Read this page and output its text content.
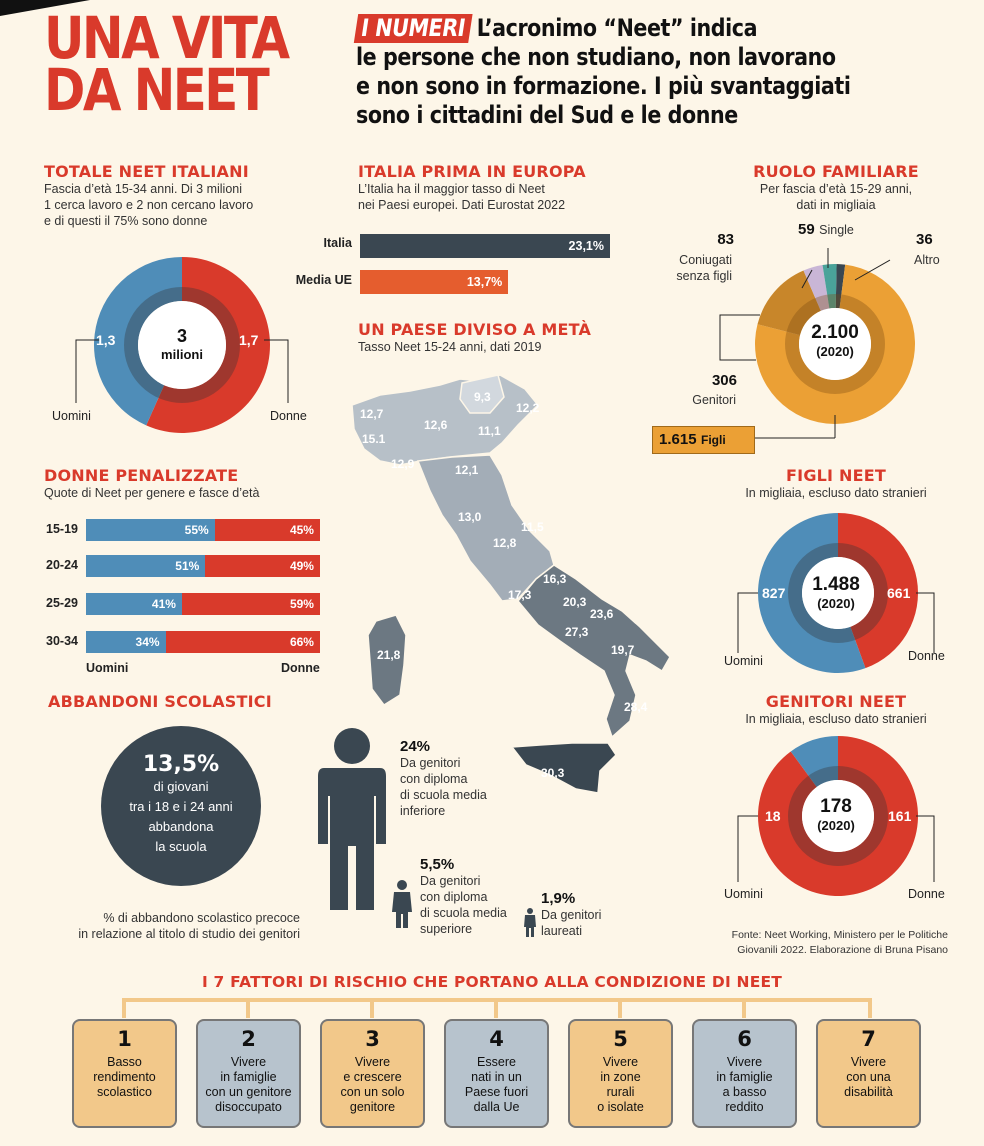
UNA VITA
DA NEET
I NUMERI L’acronimo “Neet” indica
le persone che non studiano, non lavorano
e non sono in formazione. I più svantaggiati
sono i cittadini del Sud e le donne
TOTALE NEET ITALIANI
Fascia d’età 15-34 anni. Di 3 milioni
1 cerca lavoro e 2 non cercano lavoro
e di questi il 75% sono donne
1,3	1,7
3
milioni
Uomini	Donne
ITALIA PRIMA IN EUROPA
L’Italia ha il maggior tasso di Neet
nei Paesi europei. Dati Eurostat 2022
Italia	23,1%
Media UE	13,7%
RUOLO FAMILIARE
Per fascia d’età 15-29 anni,
dati in migliaia
83
Coniugati
senza figli
59 Single
36
Altro
306
Genitori
2.100
(2020)
1.615 Figli
UN PAESE DIVISO A METÀ
Tasso Neet 15-24 anni, dati 2019
9,3
12,2
12,7
12,6	11,1
15.1
12,9	12,1
13,0
11,5
12,8
16,3
17,3	20,3
23,6
27,3
19,7
21,8
28,4
30,3
DONNE PENALIZZATE
Quote di Neet per genere e fasce d’età
15-19	55%	45%
20-24	51%	49%
25-29	41%	59%
30-34	34%	66%
Uomini	Donne
ABBANDONI SCOLASTICI
13,5%
di giovani
tra i 18 e i 24 anni
abbandona
la scuola
% di abbandono scolastico precoce
in relazione al titolo di studio dei genitori
24%
Da genitori
con diploma
di scuola media
inferiore
5,5%
Da genitori
con diploma
di scuola media
superiore
1,9%
Da genitori
laureati
FIGLI NEET
In migliaia, escluso dato stranieri
827	661
1.488
(2020)
Uomini	Donne
GENITORI NEET
In migliaia, escluso dato stranieri
18	161
178
(2020)
Uomini	Donne
Fonte: Neet Working, Ministero per le Politiche
Giovanili 2022. Elaborazione di Bruna Pisano
I 7 FATTORI DI RISCHIO CHE PORTANO ALLA CONDIZIONE DI NEET
1
Basso
rendimento
scolastico
2
Vivere
in famiglie
con un genitore
disoccupato
3
Vivere
e crescere
con un solo
genitore
4
Essere
nati in un
Paese fuori
dalla Ue
5
Vivere
in zone
rurali
o isolate
6
Vivere
in famiglie
a basso
reddito
7
Vivere
con una
disabilità
